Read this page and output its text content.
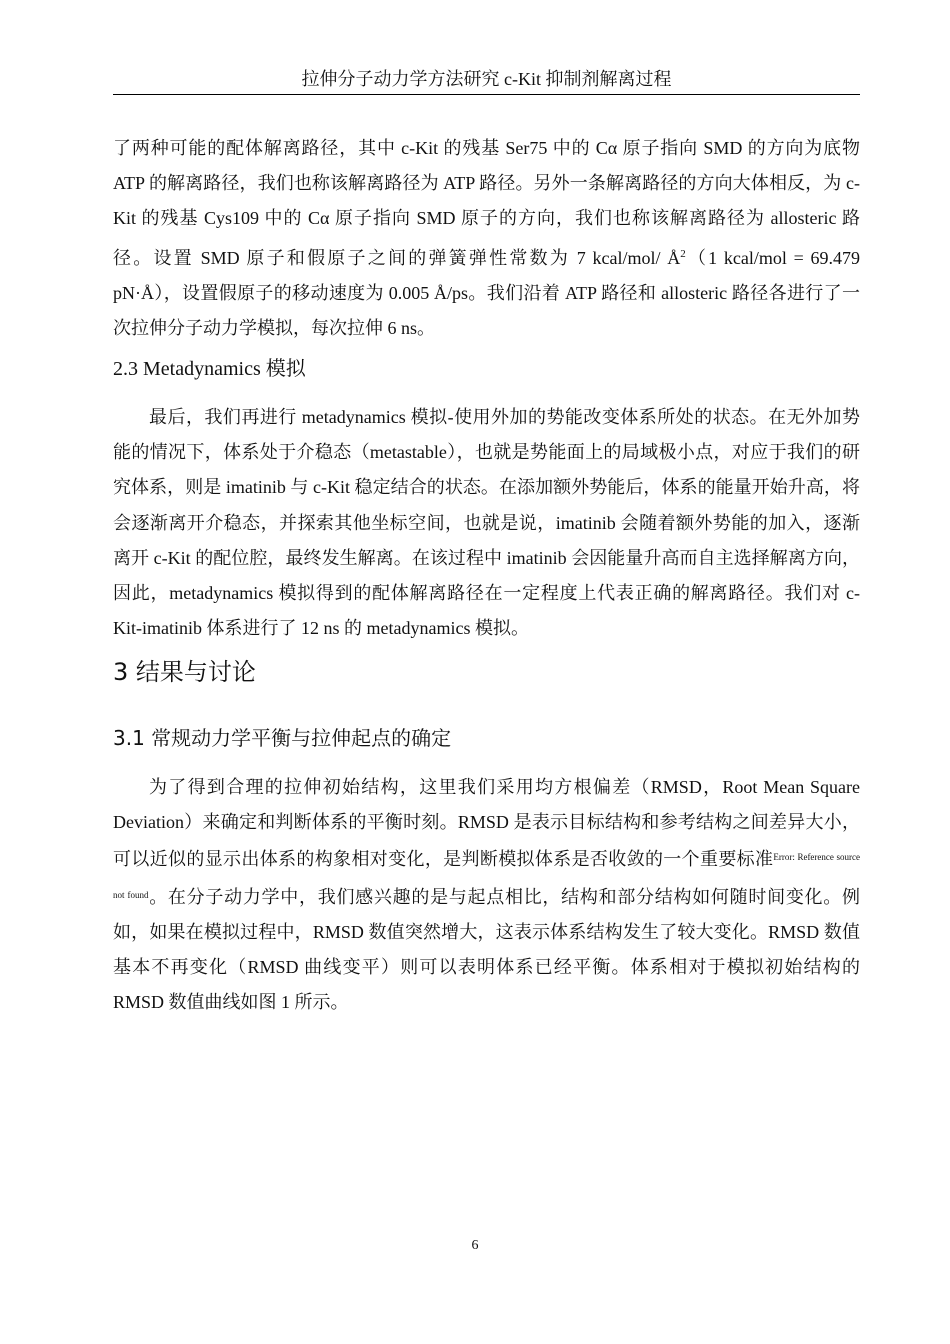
拉伸分子动力学方法研究 c-Kit 抑制剂解离过程

了两种可能的配体解离路径，其中 c-Kit 的残基 Ser75 中的 Cα 原子指向 SMD 的方向为底物 ATP 的解离路径，我们也称该解离路径为 ATP 路径。另外一条解离路径的方向大体相反，为 c-Kit 的残基 Cys109 中的 Cα 原子指向 SMD 原子的方向，我们也称该解离路径为 allosteric 路径。设置 SMD 原子和假原子之间的弹簧弹性常数为 7 kcal/mol/ $Å^2(1$ kcal/mol = 69.479 pN·Å），设置假原子的移动速度为 0.005 Å/ps。我们沿着 ATP 路径和 allosteric 路径各进行了一次拉伸分子动力学模拟，每次拉伸 6 ns。

2.3 Metadynamics 模拟

最后，我们再进行 metadynamics 模拟-使用外加的势能改变体系所处的状态。在无外加势能的情况下，体系处于介稳态（metastable），也就是势能面上的局域极小点，对应于我们的研究体系，则是 imatinib 与 c-Kit 稳定结合的状态。在添加额外势能后，体系的能量开始升高，将会逐渐离开介稳态，并探索其他坐标空间，也就是说，imatinib 会随着额外势能的加入，逐渐离开 c-Kit 的配位腔，最终发生解离。在该过程中 imatinib 会因能量升高而自主选择解离方向，因此，metadynamics 模拟得到的配体解离路径在一定程度上代表正确的解离路径。我们对 c-Kit-imatinib 体系进行了 12 ns 的 metadynamics 模拟。

3 结果与讨论
3.1 常规动力学平衡与拉伸起点的确定

为了得到合理的拉伸初始结构，这里我们采用均方根偏差（RMSD，Root Mean Square Deviation）来确定和判断体系的平衡时刻。RMSD 是表示目标结构和参考结构之间差异大小，可以近似的显示出体系的构象相对变化，是判断模拟体系是否收敛的一个重要标准$^{Error: Reference source not found}$。在分子动力学中，我们感兴趣的是与起点相比，结构和部分结构如何随时间变化。例如，如果在模拟过程中，RMSD 数值突然增大，这表示体系结构发生了较大变化。RMSD 数值基本不再变化（RMSD 曲线变平）则可以表明体系已经平衡。体系相对于模拟初始结构的 RMSD 数值曲线如图 1 所示。

6
